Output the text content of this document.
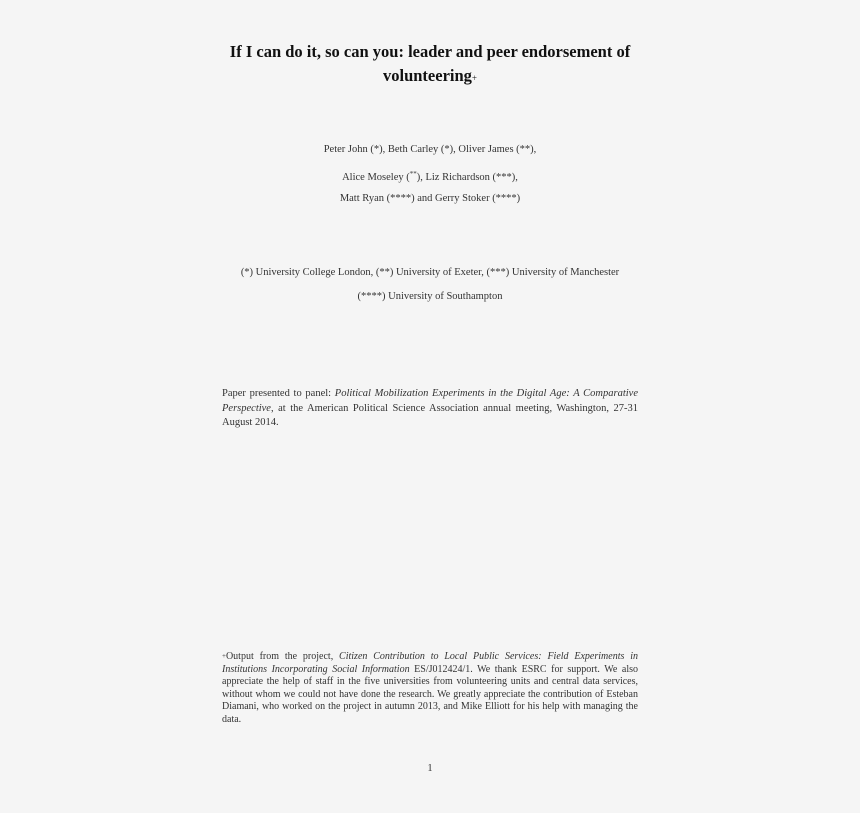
If I can do it, so can you: leader and peer endorsement of
volunteering+
Peter John (*), Beth Carley (*), Oliver James (**),
Alice Moseley (**), Liz Richardson (***),
Matt Ryan (****) and Gerry Stoker (****)
(*) University College London, (**) University of Exeter, (***) University of Manchester
(****) University of Southampton
Paper presented to panel: Political Mobilization Experiments in the Digital Age: A Comparative Perspective, at the American Political Science Association annual meeting, Washington, 27-31 August 2014.
+Output from the project, Citizen Contribution to Local Public Services: Field Experiments in Institutions Incorporating Social Information ES/J012424/1. We thank ESRC for support. We also appreciate the help of staff in the five universities from volunteering units and central data services, without whom we could not have done the research. We greatly appreciate the contribution of Esteban Diamani, who worked on the project in autumn 2013, and Mike Elliott for his help with managing the data.
1
